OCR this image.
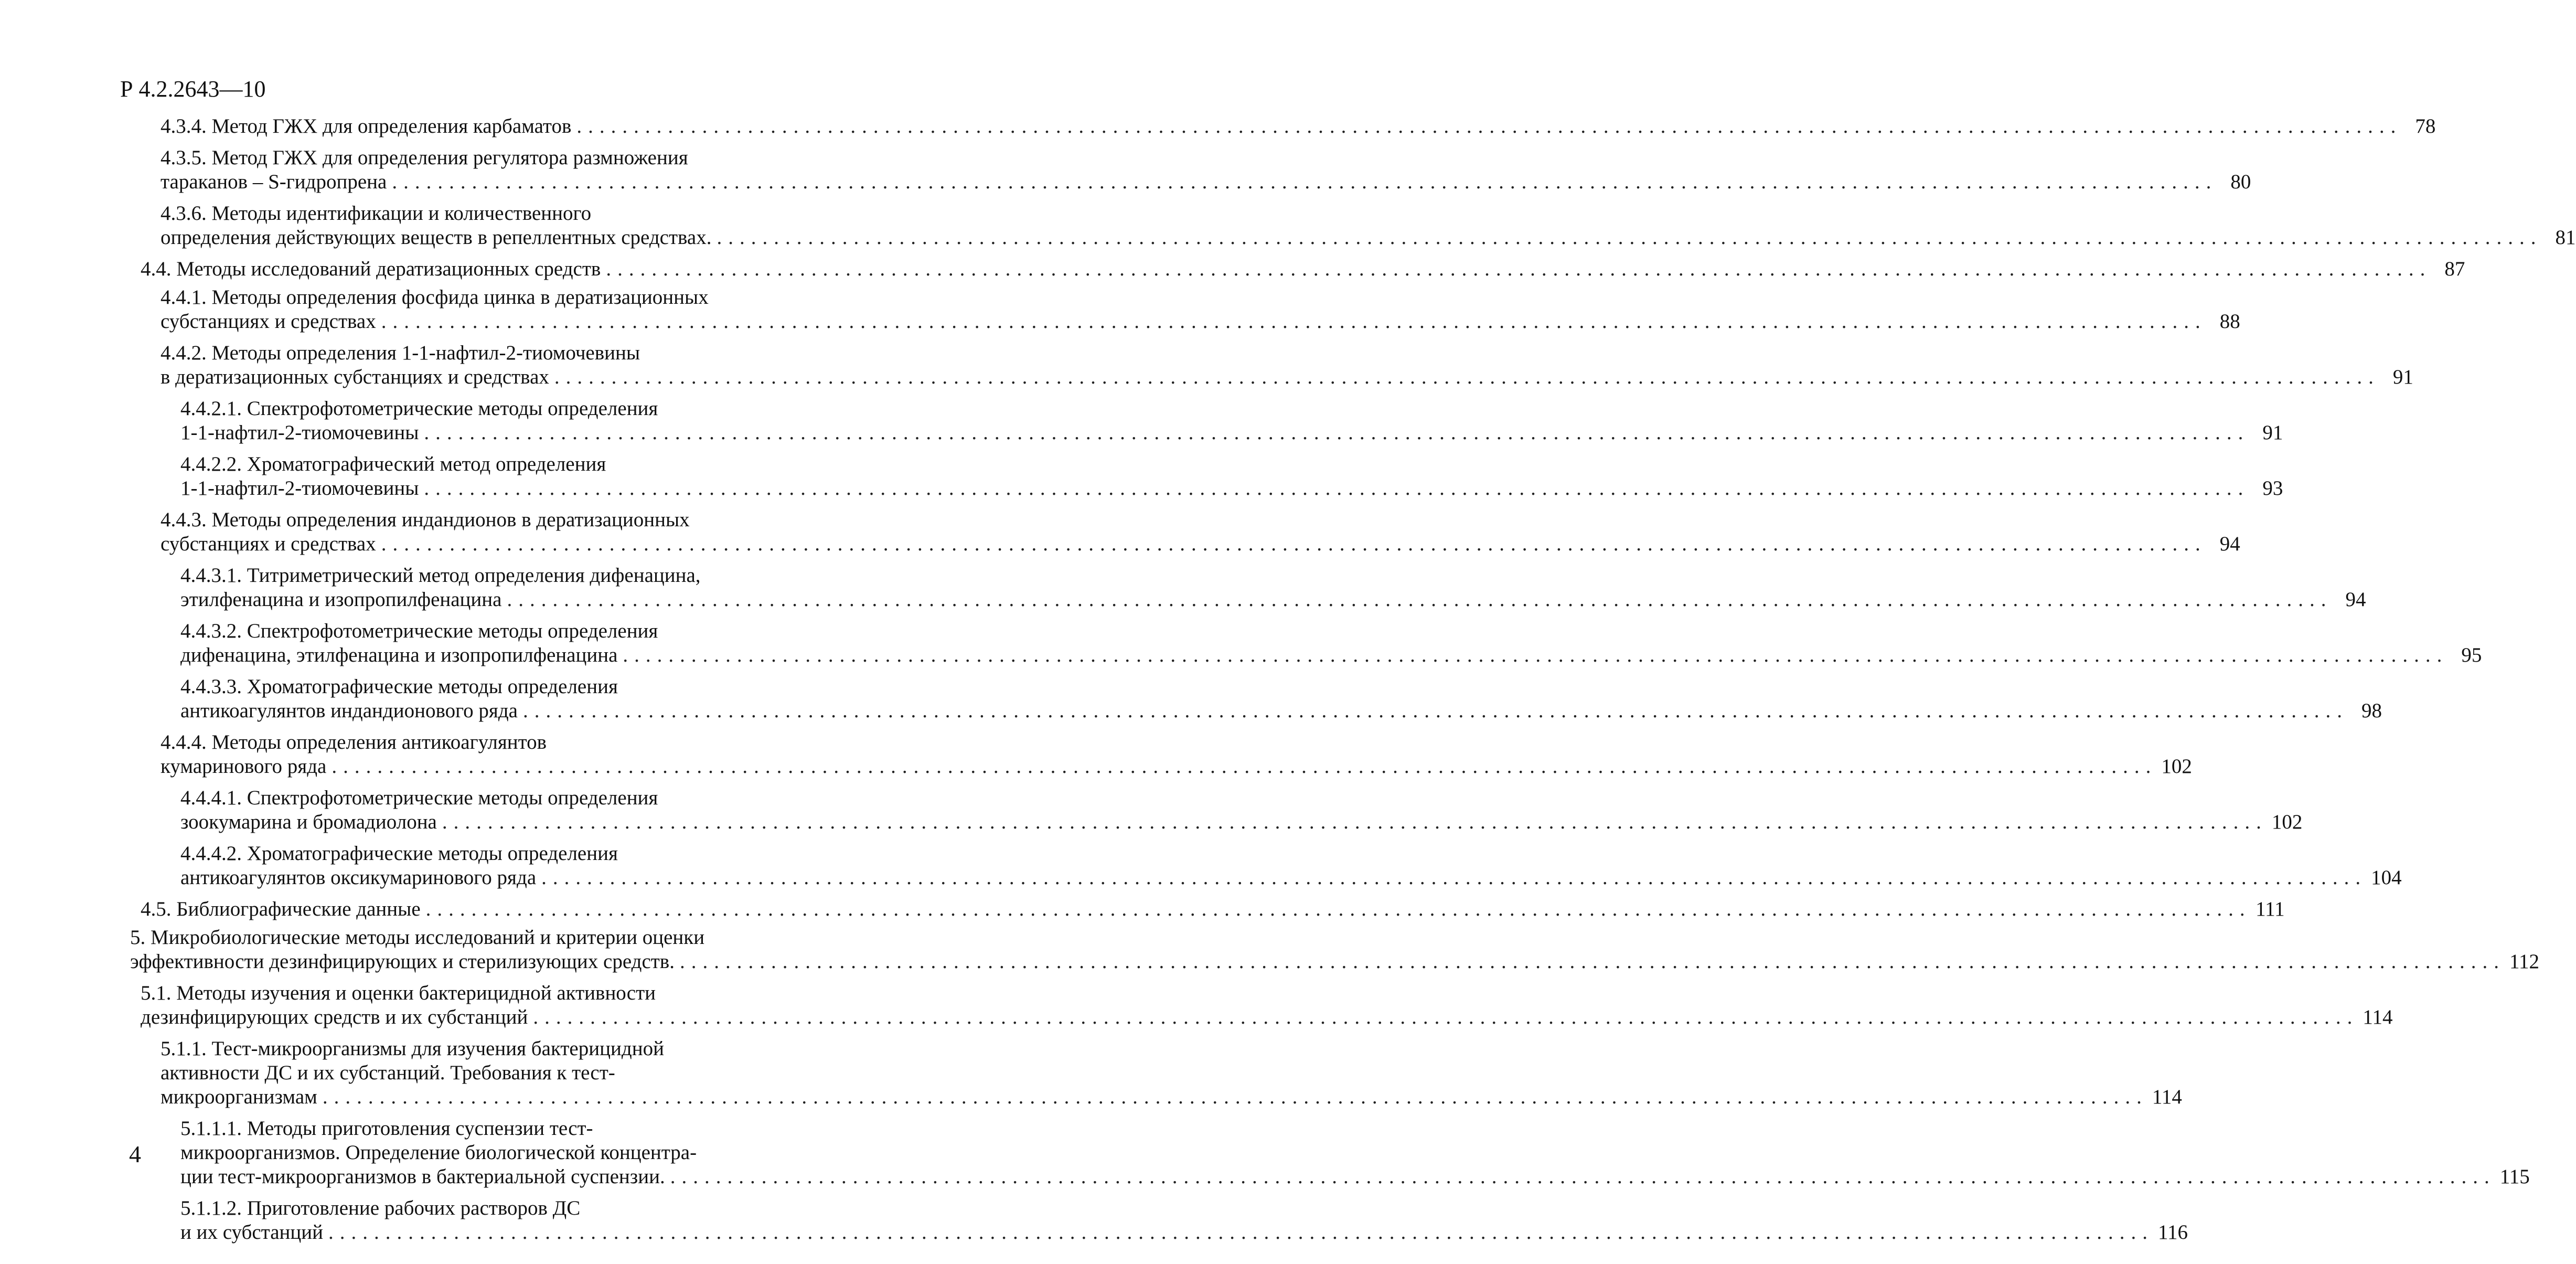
Р 4.2.2643—10
4.3.4. Метод ГЖХ для определения карбаматов ................................................................................................................................................................ 78
4.3.5. Метод ГЖХ для определения регулятора размножения
тараканов – S-гидропрена ................................................................................................................................................................ 80
4.3.6. Методы идентификации и количественного
определения действующих веществ в репеллентных средствах. ................................................................................................................................................................ 81
4.4. Методы исследований дератизационных средств ................................................................................................................................................................ 87
4.4.1. Методы определения фосфида цинка в дератизационных
субстанциях и средствах ................................................................................................................................................................ 88
4.4.2. Методы определения 1-1-нафтил-2-тиомочевины
в дератизационных субстанциях и средствах ................................................................................................................................................................ 91
4.4.2.1. Спектрофотометрические методы определения
1-1-нафтил-2-тиомочевины ................................................................................................................................................................ 91
4.4.2.2. Хроматографический метод определения
1-1-нафтил-2-тиомочевины ................................................................................................................................................................ 93
4.4.3. Методы определения индандионов в дератизационных
субстанциях и средствах ................................................................................................................................................................ 94
4.4.3.1. Титриметрический метод определения дифенацина,
этилфенацина и изопропилфенацина ................................................................................................................................................................ 94
4.4.3.2. Спектрофотометрические методы определения
дифенацина, этилфенацина и изопропилфенацина ................................................................................................................................................................ 95
4.4.3.3. Хроматографические методы определения
антикоагулянтов индандионового ряда ................................................................................................................................................................ 98
4.4.4. Методы определения антикоагулянтов
кумаринового ряда ................................................................................................................................................................ 102
4.4.4.1. Спектрофотометрические методы определения
зоокумарина и бромадиолона ................................................................................................................................................................ 102
4.4.4.2. Хроматографические методы определения
антикоагулянтов оксикумаринового ряда ................................................................................................................................................................ 104
4.5. Библиографические данные ................................................................................................................................................................ 111
5. Микробиологические методы исследований и критерии оценки
эффективности дезинфицирующих и стерилизующих средств. ................................................................................................................................................................ 112
5.1. Методы изучения и оценки бактерицидной активности
дезинфицирующих средств и их субстанций ................................................................................................................................................................ 114
5.1.1. Тест-микроорганизмы для изучения бактерицидной
активности ДС и их субстанций. Требования к тест-
микроорганизмам ................................................................................................................................................................ 114
5.1.1.1. Методы приготовления суспензии тест-
микроорганизмов. Определение биологической концентра-
ции тест-микроорганизмов в бактериальной суспензии. ................................................................................................................................................................ 115
5.1.1.2. Приготовление рабочих растворов ДС
и их субстанций ................................................................................................................................................................ 116
4
